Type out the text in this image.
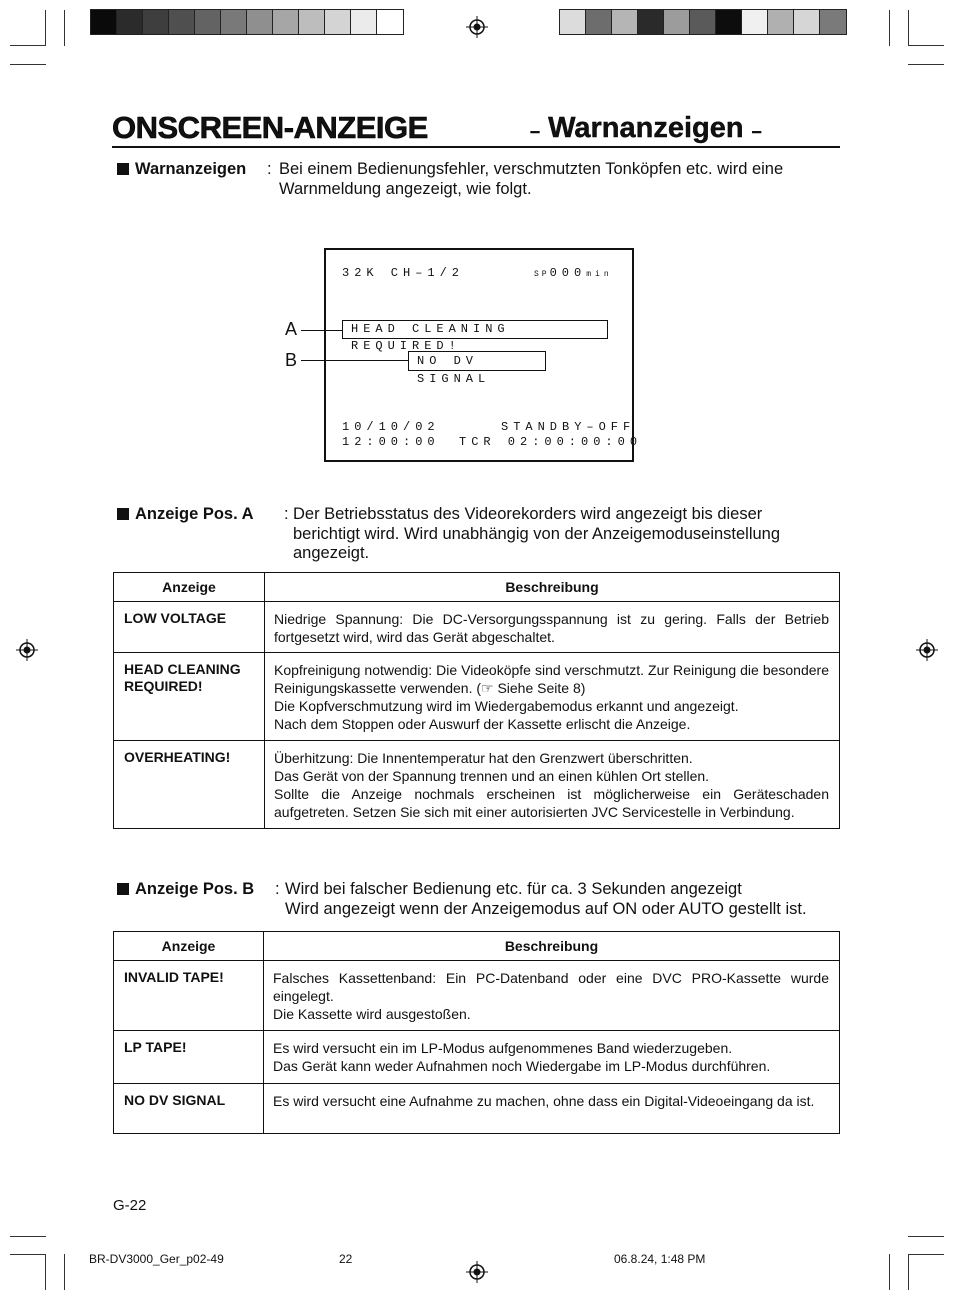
ONSCREEN-ANZEIGE	– Warnanzeigen –
Warnanzeigen : Bei einem Bedienungsfehler, verschmutzten Tonköpfen etc. wird eine
Warnmeldung angezeigt, wie folgt.
32K CH–1/2	SP000min
HEAD CLEANING REQUIRED!
NO DV SIGNAL
10/10/02	STANDBY–OFF
12:00:00 TCR 02:00:00:00
A
B
Anzeige Pos. A : Der Betriebsstatus des Videorekorders wird angezeigt bis dieser
berichtigt wird. Wird unabhängig von der Anzeigemoduseinstellung
angezeigt.
Anzeige	Beschreibung
LOW VOLTAGE	Niedrige Spannung: Die DC-Versorgungsspannung ist zu gering. Falls der Betrieb fortgesetzt wird, wird das Gerät abgeschaltet.

HEAD CLEANING REQUIRED!	Kopfreinigung notwendig: Die Videoköpfe sind verschmutzt. Zur Reinigung die besondere Reinigungskassette verwenden. (☞ Siehe Seite 8)
Die Kopfverschmutzung wird im Wiedergabemodus erkannt und angezeigt.
Nach dem Stoppen oder Auswurf der Kassette erlischt die Anzeige.

OVERHEATING!	Überhitzung: Die Innentemperatur hat den Grenzwert überschritten.
Das Gerät von der Spannung trennen und an einen kühlen Ort stellen.
Sollte die Anzeige nochmals erscheinen ist möglicherweise ein Geräteschaden aufgetreten. Setzen Sie sich mit einer autorisierten JVC Servicestelle in Verbindung.
Anzeige Pos. B : Wird bei falscher Bedienung etc. für ca. 3 Sekunden angezeigt
Wird angezeigt wenn der Anzeigemodus auf ON oder AUTO gestellt ist.
Anzeige	Beschreibung
INVALID TAPE!	Falsches Kassettenband: Ein PC-Datenband oder eine DVC PRO-Kassette wurde eingelegt.
Die Kassette wird ausgestoßen.

LP TAPE!	Es wird versucht ein im LP-Modus aufgenommenes Band wiederzugeben.
Das Gerät kann weder Aufnahmen noch Wiedergabe im LP-Modus durchführen.

NO DV SIGNAL	Es wird versucht eine Aufnahme zu machen, ohne dass ein Digital-Videoeingang da ist.
G-22
BR-DV3000_Ger_p02-49	22	06.8.24, 1:48 PM
